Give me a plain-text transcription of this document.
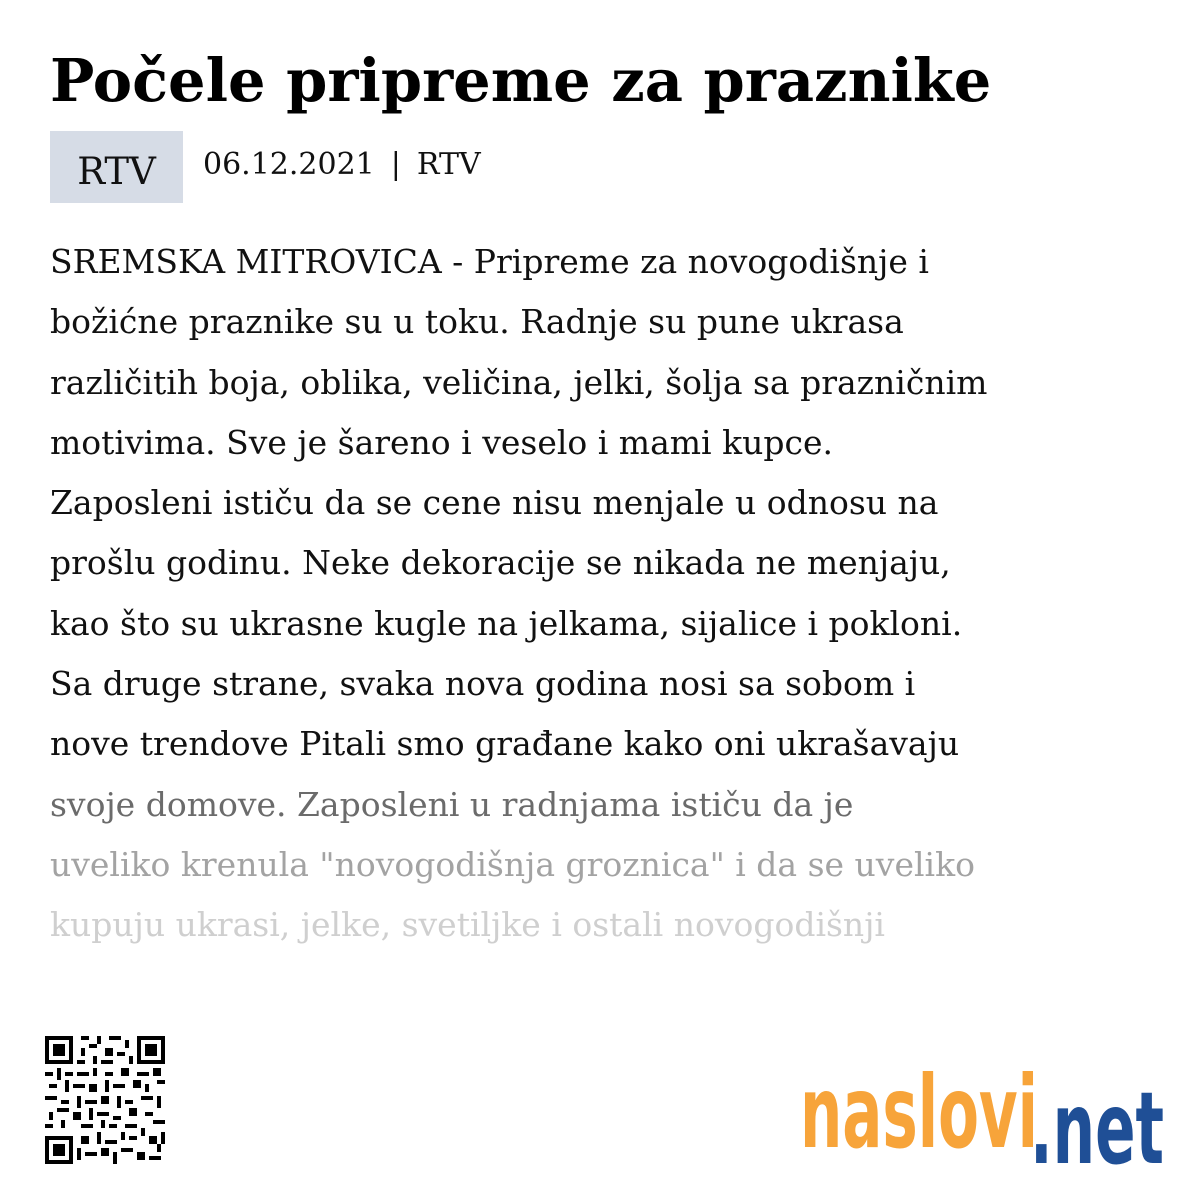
Počele pripreme za praznike
RTV	06.12.2021 | RTV
SREMSKA MITROVICA - Pripreme za novogodišnje i
božićne praznike su u toku. Radnje su pune ukrasa
različitih boja, oblika, veličina, jelki, šolja sa prazničnim
motivima. Sve je šareno i veselo i mami kupce.
Zaposleni ističu da se cene nisu menjale u odnosu na
prošlu godinu. Neke dekoracije se nikada ne menjaju,
kao što su ukrasne kugle na jelkama, sijalice i pokloni.
Sa druge strane, svaka nova godina nosi sa sobom i
nove trendove Pitali smo građane kako oni ukrašavaju
svoje domove. Zaposleni u radnjama ističu da je
uveliko krenula "novogodišnja groznica" i da se uveliko
kupuju ukrasi, jelke, svetiljke i ostali novogodišnji
naslovi
.net
